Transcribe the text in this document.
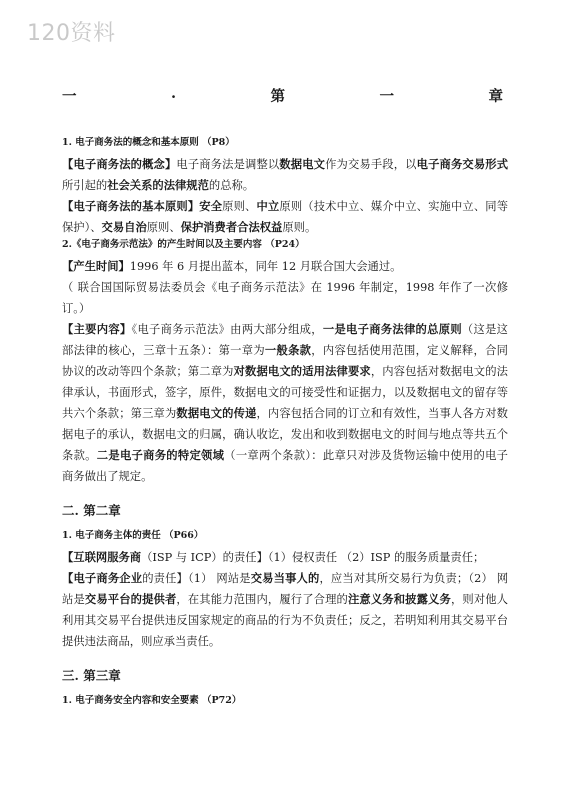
120资料
一	.	第	一	章

1. 电子商务法的概念和基本原则 （P8）

【电子商务法的概念】电子商务法是调整以数据电文作为交易手段，以电子商务交易形式所引起的社会关系的法律规范的总称。

【电子商务法的基本原则】安全原则、中立原则（技术中立、媒介中立、实施中立、同等保护）、交易自治原则、保护消费者合法权益原则。

2.《电子商务示范法》的产生时间以及主要内容 （P24）

【产生时间】1996 年 6 月提出蓝本，同年 12 月联合国大会通过。

（ 联合国国际贸易法委员会《电子商务示范法》在 1996 年制定，1998 年作了一次修订。）

【主要内容】《电子商务示范法》由两大部分组成，一是电子商务法律的总原则（这是这部法律的核心，三章十五条）：第一章为一般条款，内容包括使用范围，定义解释，合同协议的改动等四个条款；第二章为对数据电文的适用法律要求，内容包括对数据电文的法律承认，书面形式，签字，原件，数据电文的可接受性和证据力，以及数据电文的留存等共六个条款；第三章为数据电文的传递，内容包括合同的订立和有效性，当事人各方对数据电子的承认，数据电文的归属，确认收讫，发出和收到数据电文的时间与地点等共五个条款。二是电子商务的特定领域（一章两个条款）：此章只对涉及货物运输中使用的电子商务做出了规定。

二. 第二章

1. 电子商务主体的责任 （P66）

【互联网服务商（ISP 与 ICP）的责任】（1）侵权责任 （2）ISP 的服务质量责任；

【电子商务企业的责任】（1） 网站是交易当事人的，应当对其所交易行为负责；（2） 网站是交易平台的提供者，在其能力范围内，履行了合理的注意义务和披露义务，则对他人利用其交易平台提供违反国家规定的商品的行为不负责任；反之，若明知利用其交易平台提供违法商品，则应承当责任。

三. 第三章

1. 电子商务安全内容和安全要素 （P72）
